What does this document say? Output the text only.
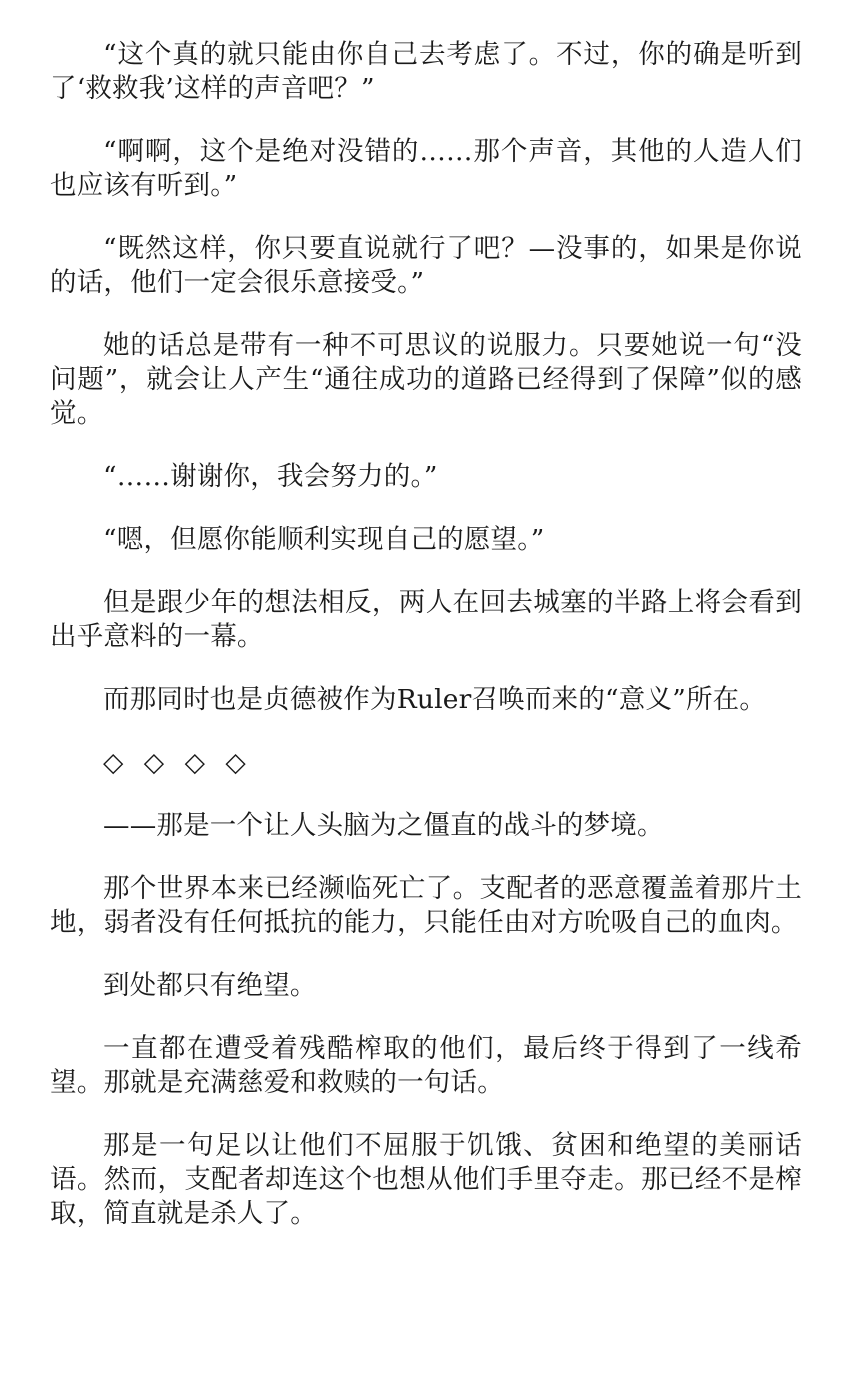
“这个真的就只能由你自己去考虑了。不过，你的确是听到了‘救救我’这样的声音吧？”

“啊啊，这个是绝对没错的……那个声音，其他的人造人们也应该有听到。”

“既然这样，你只要直说就行了吧？—没事的，如果是你说的话，他们一定会很乐意接受。”

她的话总是带有一种不可思议的说服力。只要她说一句“没问题”，就会让人产生“通往成功的道路已经得到了保障”似的感觉。

“……谢谢你，我会努力的。”

“嗯，但愿你能顺利实现自己的愿望。”

但是跟少年的想法相反，两人在回去城塞的半路上将会看到出乎意料的一幕。

而那同时也是贞德被作为Ruler召唤而来的“意义”所在。

◇ ◇ ◇ ◇

——那是一个让人头脑为之僵直的战斗的梦境。

那个世界本来已经濒临死亡了。支配者的恶意覆盖着那片土地，弱者没有任何抵抗的能力，只能任由对方吮吸自己的血肉。

到处都只有绝望。

一直都在遭受着残酷榨取的他们，最后终于得到了一线希望。那就是充满慈爱和救赎的一句话。

那是一句足以让他们不屈服于饥饿、贫困和绝望的美丽话语。然而，支配者却连这个也想从他们手里夺走。那已经不是榨取，简直就是杀人了。
